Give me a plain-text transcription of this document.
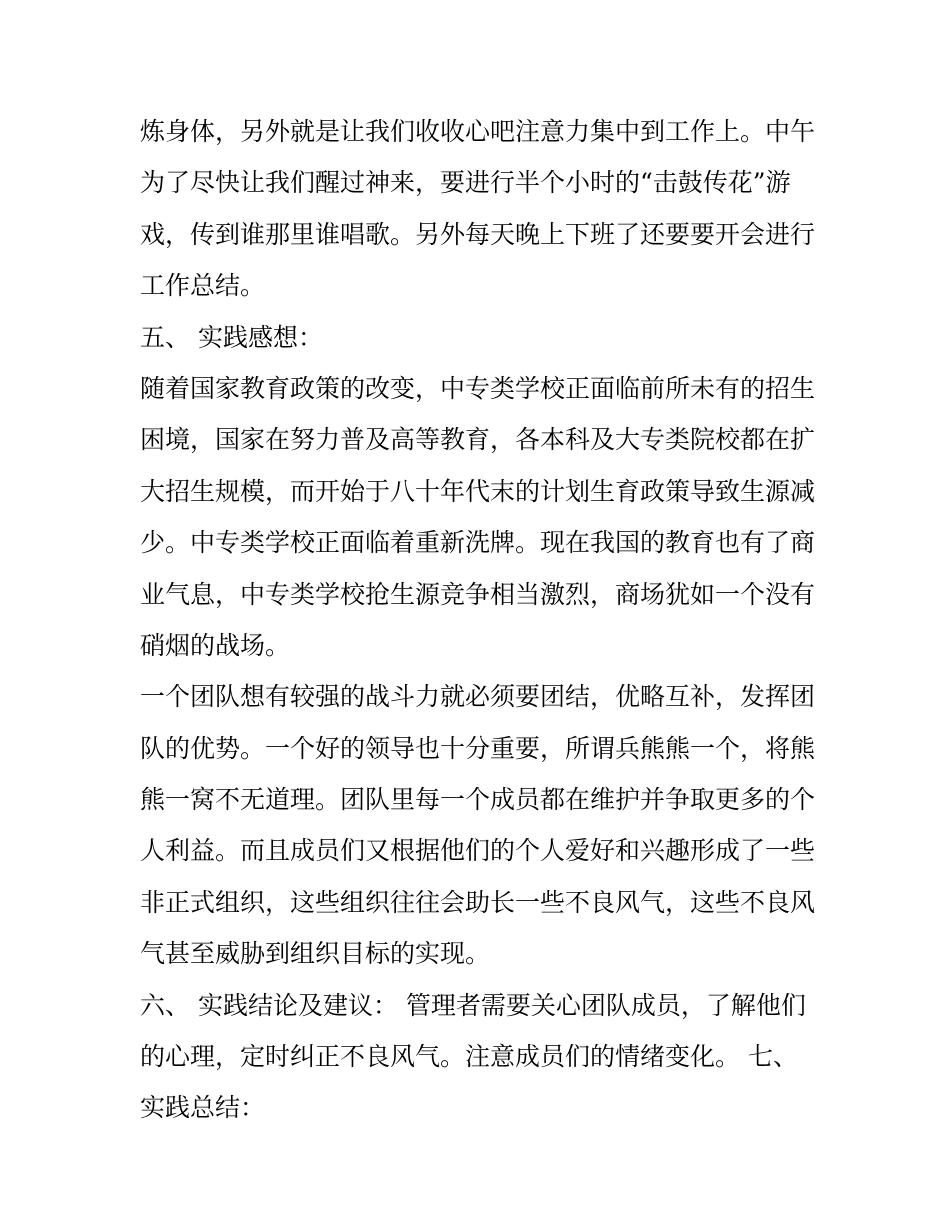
炼身体，另外就是让我们收收心吧注意力集中到工作上。中午
为了尽快让我们醒过神来，要进行半个小时的“击鼓传花”游
戏，传到谁那里谁唱歌。另外每天晚上下班了还要要开会进行
工作总结。
五、 实践感想：
随着国家教育政策的改变，中专类学校正面临前所未有的招生
困境，国家在努力普及高等教育，各本科及大专类院校都在扩
大招生规模，而开始于八十年代末的计划生育政策导致生源减
少。中专类学校正面临着重新洗牌。现在我国的教育也有了商
业气息，中专类学校抢生源竞争相当激烈，商场犹如一个没有
硝烟的战场。
一个团队想有较强的战斗力就必须要团结，优略互补，发挥团
队的优势。一个好的领导也十分重要，所谓兵熊熊一个，将熊
熊一窝不无道理。团队里每一个成员都在维护并争取更多的个
人利益。而且成员们又根据他们的个人爱好和兴趣形成了一些
非正式组织，这些组织往往会助长一些不良风气，这些不良风
气甚至威胁到组织目标的实现。
六、 实践结论及建议： 管理者需要关心团队成员，了解他们
的心理，定时纠正不良风气。注意成员们的情绪变化。 七、
实践总结：
